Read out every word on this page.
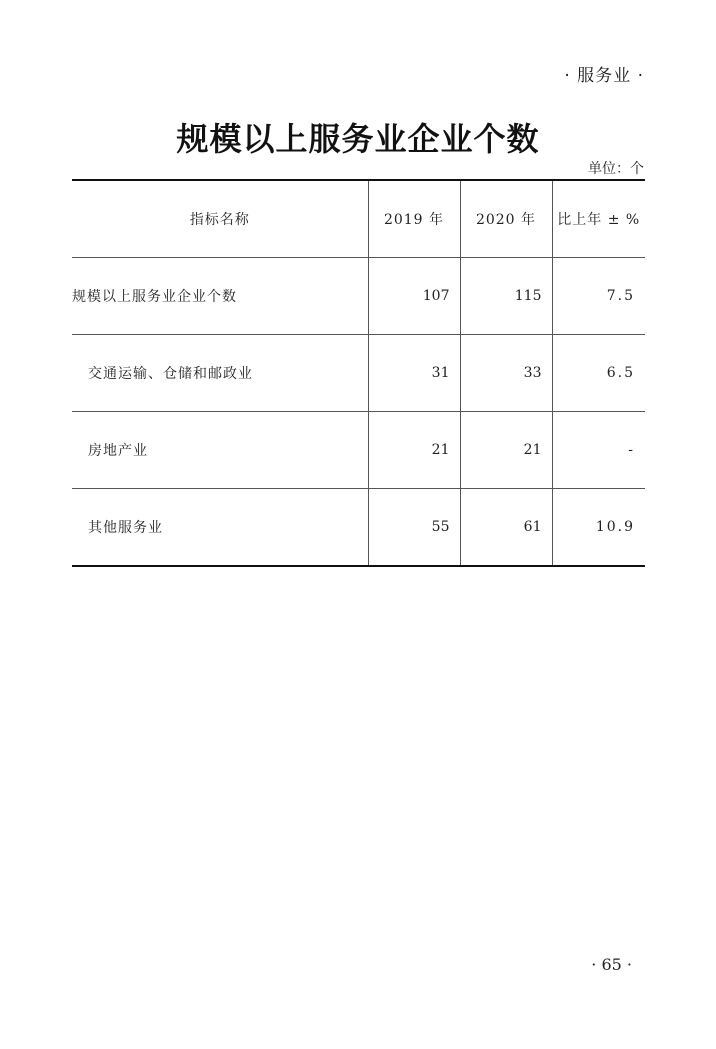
· 服务业 ·
规模以上服务业企业个数
单位：个
指标名称	2019 年	2020 年	比上年 ± %
规模以上服务业企业个数	107	115	7.5
交通运输、仓储和邮政业	31	33	6.5
房地产业	21	21	-
其他服务业	55	61	10.9
· 65 ·
